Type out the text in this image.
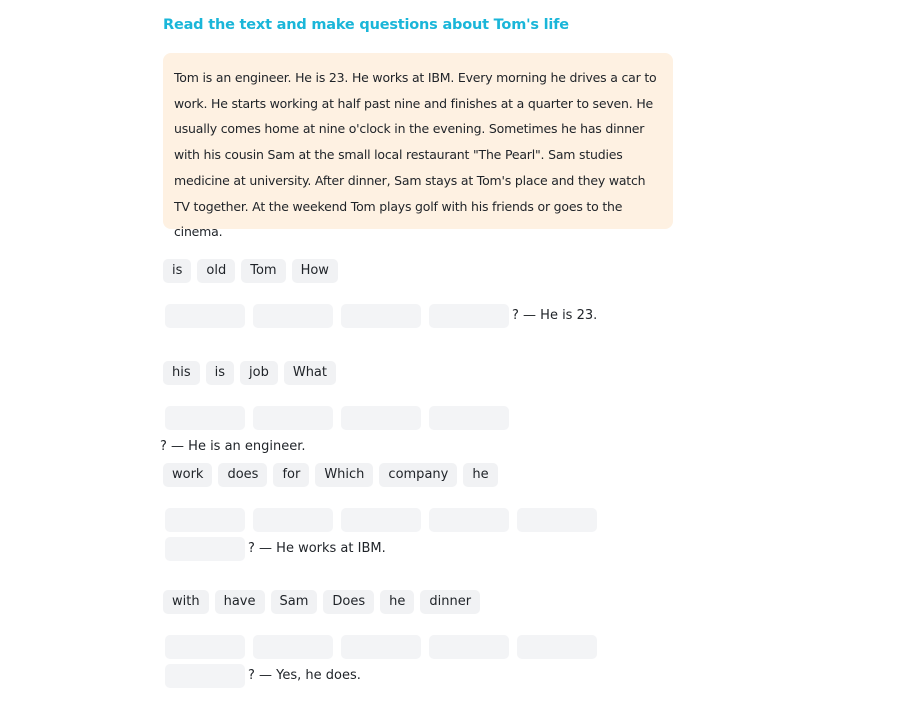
Read the text and make questions about Tom's life
Tom is an engineer. He is 23. He works at IBM. Every morning he drives a car to work. He starts working at half past nine and finishes at a quarter to seven. He usually comes home at nine o'clock in the evening. Sometimes he has dinner with his cousin Sam at the small local restaurant "The Pearl". Sam studies medicine at university. After dinner, Sam stays at Tom's place and they watch TV together. At the weekend Tom plays golf with his friends or goes to the cinema.
is	old	Tom	How
? — He is 23.
his	is	job	What
? — He is an engineer.
work	does	for	Which	company	he
? — He works at IBM.
with	have	Sam	Does	he	dinner
? — Yes, he does.
